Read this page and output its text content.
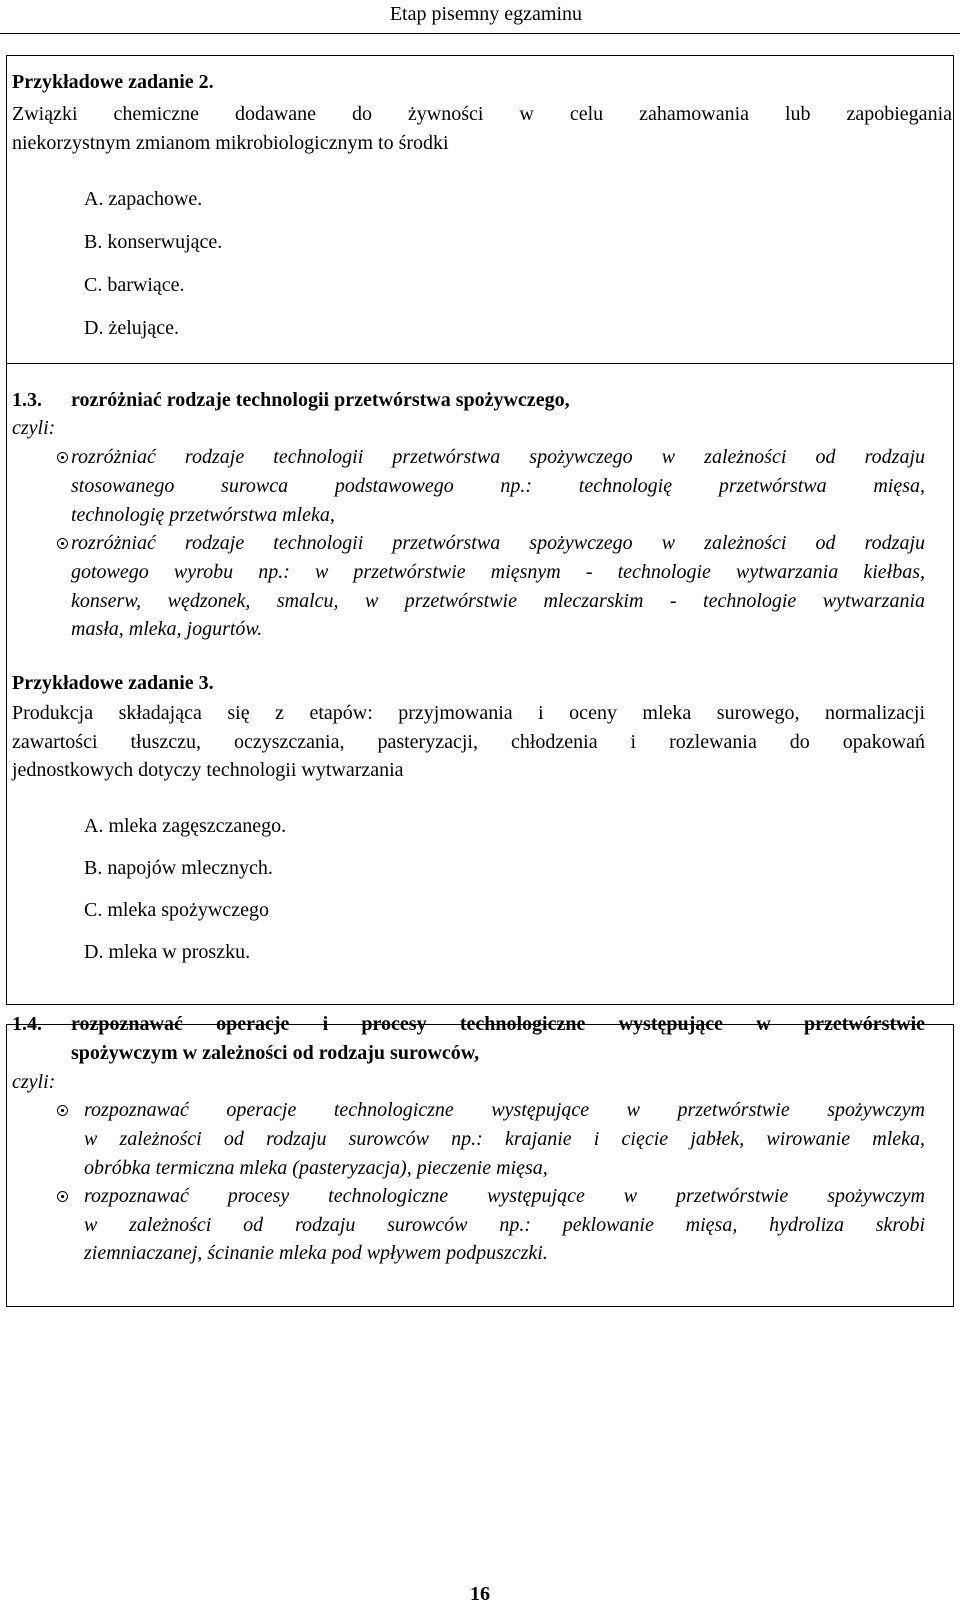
Etap pisemny egzaminu
Przykładowe zadanie 2.
Związki chemiczne dodawane do żywności w celu zahamowania lub zapobiegania
niekorzystnym zmianom mikrobiologicznym to środki
A. zapachowe.
B. konserwujące.
C. barwiące.
D. żelujące.
1.3. rozróżniać rodzaje technologii przetwórstwa spożywczego,
czyli:
rozróżniać rodzaje technologii przetwórstwa spożywczego w zależności od rodzaju
stosowanego surowca podstawowego np.: technologię przetwórstwa mięsa,
technologię przetwórstwa mleka,
rozróżniać rodzaje technologii przetwórstwa spożywczego w zależności od rodzaju
gotowego wyrobu np.: w przetwórstwie mięsnym - technologie wytwarzania kiełbas,
konserw, wędzonek, smalcu, w przetwórstwie mleczarskim - technologie wytwarzania
masła, mleka, jogurtów.
Przykładowe zadanie 3.
Produkcja składająca się z etapów: przyjmowania i oceny mleka surowego, normalizacji
zawartości tłuszczu, oczyszczania, pasteryzacji, chłodzenia i rozlewania do opakowań
jednostkowych dotyczy technologii wytwarzania
A. mleka zagęszczanego.
B. napojów mlecznych.
C. mleka spożywczego
D. mleka w proszku.
1.4. rozpoznawać operacje i procesy technologiczne występujące w przetwórstwie
spożywczym w zależności od rodzaju surowców,
czyli:
rozpoznawać operacje technologiczne występujące w przetwórstwie spożywczym
w zależności od rodzaju surowców np.: krajanie i cięcie jabłek, wirowanie mleka,
obróbka termiczna mleka (pasteryzacja), pieczenie mięsa,
rozpoznawać procesy technologiczne występujące w przetwórstwie spożywczym
w zależności od rodzaju surowców np.: peklowanie mięsa, hydroliza skrobi
ziemniaczanej, ścinanie mleka pod wpływem podpuszczki.
16
